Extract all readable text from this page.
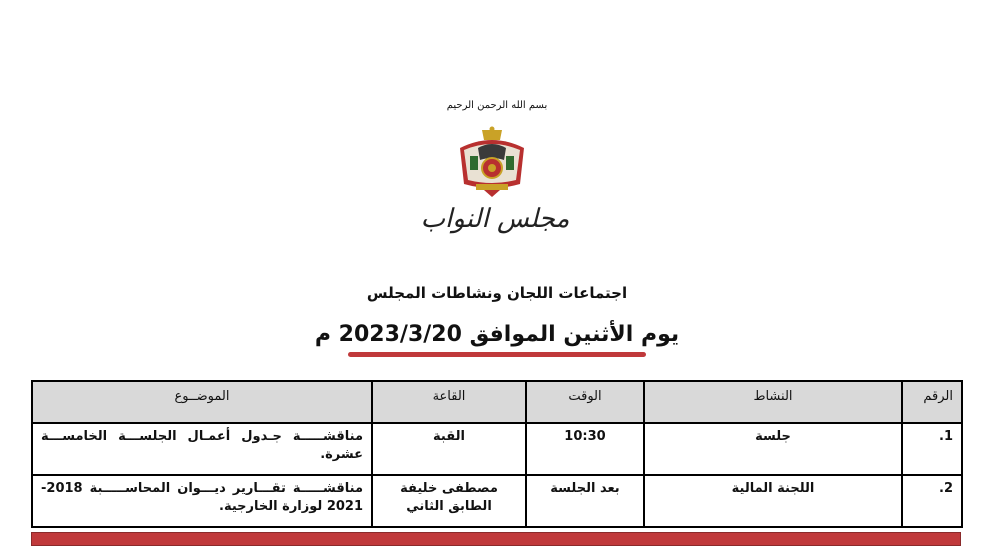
بسم الله الرحمن الرحيم
مجلس النواب
اجتماعات اللجان ونشاطات المجلس
يوم الأثنين الموافق 2023/3/20 م
الرقم	النشاط	الوقت	القاعة	الموضــوع
1.	جلسة	10:30	القبة	مناقشـــــة جـدول أعمـال الجلســـة الخامســـة عشرة.
2.	اللجنة المالية	بعد الجلسة	مصطفى خليفة الطابق الثاني	مناقشـــــة تقـــارير ديـــوان المحاســـــبة 2018-2021 لوزارة الخارجية.
